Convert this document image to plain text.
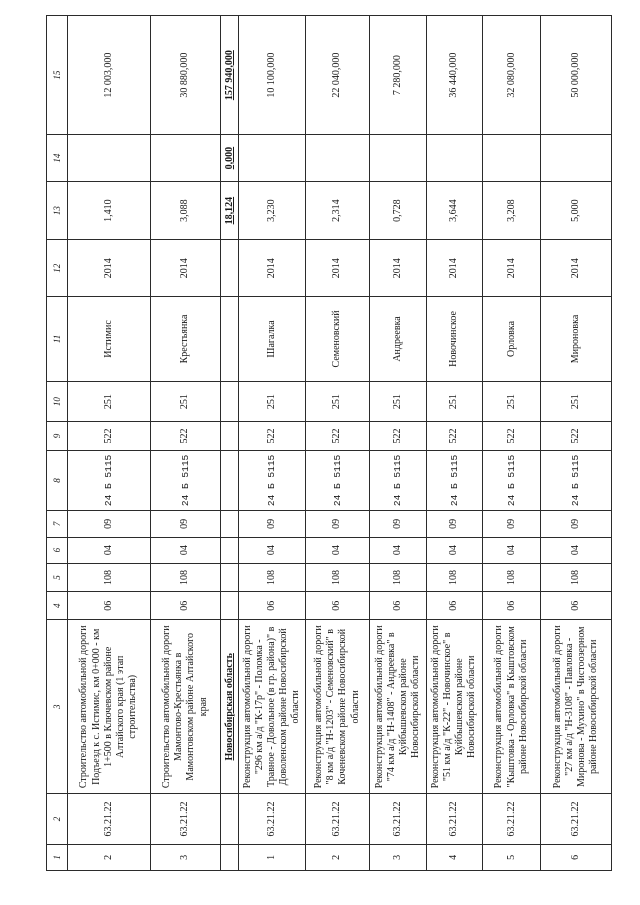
1	2	3	4	5	6	7	8	9	10	11	12	13	14	15
2	63.21.22	Строительство автомобильной дороги Подъезд к с. Истимис, км 0+000 - км 1+500 в Ключевском районе Алтайского края (1 этап строительства)	06	108	04	09	24 Б 5115	522	251	Истимис	2014	1,410		12 003,000
3	63.21.22	Строительство автомобильной дороги Мамонтово-Крестьянка в Мамонтовском районе Алтайского края	06	108	04	09	24 Б 5115	522	251	Крестьянка	2014	3,088		30 880,000
		Новосибирская область										18,124	0,000	157 940,000
1	63.21.22	Реконструкция автомобильной дороги "296 км а/д "К-17р" - Поломка - Травное - Довольное (в гр. района)" в Доволенском районе Новосибирской области	06	108	04	09	24 Б 5115	522	251	Шагалка	2014	3,230		10 100,000
2	63.21.22	Реконструкция автомобильной дороги "8 км а/д "Н-1203" - Семеновский" в Коченевском районе Новосибирской области	06	108	04	09	24 Б 5115	522	251	Семеновский	2014	2,314		22 040,000
3	63.21.22	Реконструкция автомобильной дороги "74 км а/д "Н-1408" - Андреевка" в Куйбышевском районе Новосибирской области	06	108	04	09	24 Б 5115	522	251	Андреевка	2014	0,728		7 280,000
4	63.21.22	Реконструкция автомобильной дороги "51 км а/д "К-22" - Новочинское" в Куйбышевском районе Новосибирской области	06	108	04	09	24 Б 5115	522	251	Новочинское	2014	3,644		36 440,000
5	63.21.22	Реконструкция автомобильной дороги "Кыштовка - Орловка" в Кыштовском районе Новосибирской области	06	108	04	09	24 Б 5115	522	251	Орловка	2014	3,208		32 080,000
6	63.21.22	Реконструкция автомобильной дороги "27 км а/д "Н-3108" - Павловка - Миронова - Мухино" в Чистоозерном районе Новосибирской области	06	108	04	09	24 Б 5115	522	251	Мироновка	2014	5,000		50 000,000
